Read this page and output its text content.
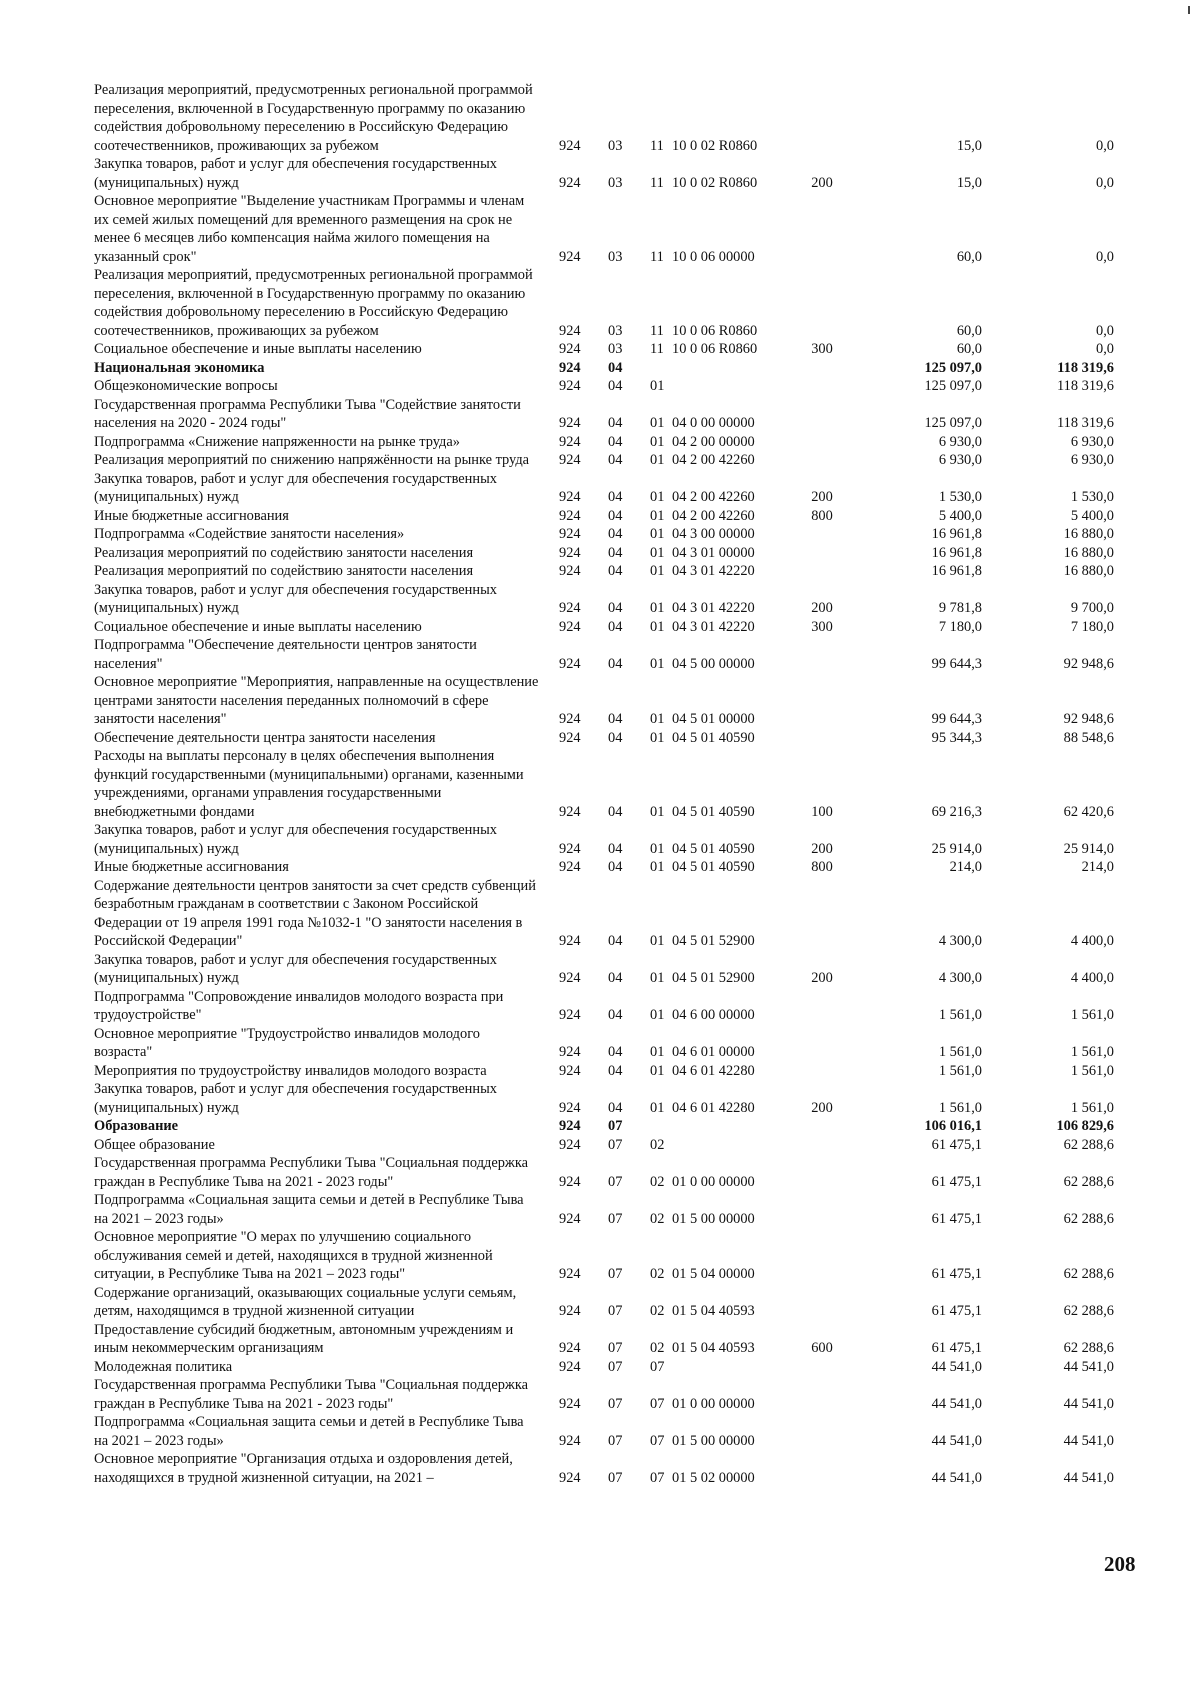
Реализация мероприятий, предусмотренных региональной программой переселения, включенной в Государственную программу по оказанию содействия добровольному переселению в Российскую Федерацию соотечественников, проживающих за рубежом	924 03 11 10 0 02 R0860	15,0	0,0
Закупка товаров, работ и услуг для обеспечения государственных (муниципальных) нужд	924 03 11 10 0 02 R0860	200	15,0	0,0
Основное мероприятие "Выделение участникам Программы и членам их семей жилых помещений для временного размещения на срок не менее 6 месяцев либо компенсация найма жилого помещения на указанный срок"	924 03 11 10 0 06 00000	60,0	0,0
Реализация мероприятий, предусмотренных региональной программой переселения, включенной в Государственную программу по оказанию содействия добровольному переселению в Российскую Федерацию соотечественников, проживающих за рубежом	924 03 11 10 0 06 R0860	60,0	0,0
Социальное обеспечение и иные выплаты населению	924 03 11 10 0 06 R0860	300	60,0	0,0
Национальная экономика	924 04	125 097,0	118 319,6
Общеэкономические вопросы	924 04 01	125 097,0	118 319,6
Государственная программа Республики Тыва "Содействие занятости населения на 2020 - 2024 годы"	924 04 01 04 0 00 00000	125 097,0	118 319,6
Подпрограмма «Снижение напряженности на рынке труда»	924 04 01 04 2 00 00000	6 930,0	6 930,0
Реализация мероприятий по снижению напряжённости на рынке труда	924 04 01 04 2 00 42260	6 930,0	6 930,0
Закупка товаров, работ и услуг для обеспечения государственных (муниципальных) нужд	924 04 01 04 2 00 42260	200	1 530,0	1 530,0
Иные бюджетные ассигнования	924 04 01 04 2 00 42260	800	5 400,0	5 400,0
Подпрограмма «Содействие занятости населения»	924 04 01 04 3 00 00000	16 961,8	16 880,0
Реализация мероприятий по содействию занятости населения	924 04 01 04 3 01 00000	16 961,8	16 880,0
Реализация мероприятий по содействию занятости населения	924 04 01 04 3 01 42220	16 961,8	16 880,0
Закупка товаров, работ и услуг для обеспечения государственных (муниципальных) нужд	924 04 01 04 3 01 42220	200	9 781,8	9 700,0
Социальное обеспечение и иные выплаты населению	924 04 01 04 3 01 42220	300	7 180,0	7 180,0
Подпрограмма "Обеспечение деятельности центров занятости населения"	924 04 01 04 5 00 00000	99 644,3	92 948,6
Основное мероприятие "Мероприятия, направленные на осуществление центрами занятости населения переданных полномочий в сфере занятости населения"	924 04 01 04 5 01 00000	99 644,3	92 948,6
Обеспечение деятельности центра занятости населения	924 04 01 04 5 01 40590	95 344,3	88 548,6
Расходы на выплаты персоналу в целях обеспечения выполнения функций государственными (муниципальными) органами, казенными учреждениями, органами управления государственными внебюджетными фондами	924 04 01 04 5 01 40590	100	69 216,3	62 420,6
Закупка товаров, работ и услуг для обеспечения государственных (муниципальных) нужд	924 04 01 04 5 01 40590	200	25 914,0	25 914,0
Иные бюджетные ассигнования	924 04 01 04 5 01 40590	800	214,0	214,0
Содержание деятельности центров занятости за счет средств субвенций безработным гражданам в соответствии с Законом Российской Федерации от 19 апреля 1991 года №1032-1 "О занятости населения в Российской Федерации"	924 04 01 04 5 01 52900	4 300,0	4 400,0
Закупка товаров, работ и услуг для обеспечения государственных (муниципальных) нужд	924 04 01 04 5 01 52900	200	4 300,0	4 400,0
Подпрограмма "Сопровождение инвалидов молодого возраста при трудоустройстве"	924 04 01 04 6 00 00000	1 561,0	1 561,0
Основное мероприятие "Трудоустройство инвалидов молодого возраста"	924 04 01 04 6 01 00000	1 561,0	1 561,0
Мероприятия по трудоустройству инвалидов молодого возраста	924 04 01 04 6 01 42280	1 561,0	1 561,0
Закупка товаров, работ и услуг для обеспечения государственных (муниципальных) нужд	924 04 01 04 6 01 42280	200	1 561,0	1 561,0
Образование	924 07	106 016,1	106 829,6
Общее образование	924 07 02	61 475,1	62 288,6
Государственная программа Республики Тыва "Социальная поддержка граждан в Республике Тыва на 2021 - 2023 годы"	924 07 02 01 0 00 00000	61 475,1	62 288,6
Подпрограмма «Социальная защита семьи и детей в Республике Тыва на 2021 – 2023 годы»	924 07 02 01 5 00 00000	61 475,1	62 288,6
Основное мероприятие "О мерах по улучшению социального обслуживания семей и детей, находящихся в трудной жизненной ситуации, в Республике Тыва на 2021 – 2023 годы"	924 07 02 01 5 04 00000	61 475,1	62 288,6
Содержание организаций, оказывающих социальные услуги семьям, детям, находящимся в трудной жизненной ситуации	924 07 02 01 5 04 40593	61 475,1	62 288,6
Предоставление субсидий бюджетным, автономным учреждениям и иным некоммерческим организациям	924 07 02 01 5 04 40593	600	61 475,1	62 288,6
Молодежная политика	924 07 07	44 541,0	44 541,0
Государственная программа Республики Тыва "Социальная поддержка граждан в Республике Тыва на 2021 - 2023 годы"	924 07 07 01 0 00 00000	44 541,0	44 541,0
Подпрограмма «Социальная защита семьи и детей в Республике Тыва на 2021 – 2023 годы»	924 07 07 01 5 00 00000	44 541,0	44 541,0
Основное мероприятие "Организация отдыха и оздоровления детей, находящихся в трудной жизненной ситуации, на 2021 –	924 07 07 01 5 02 00000	44 541,0	44 541,0
208
